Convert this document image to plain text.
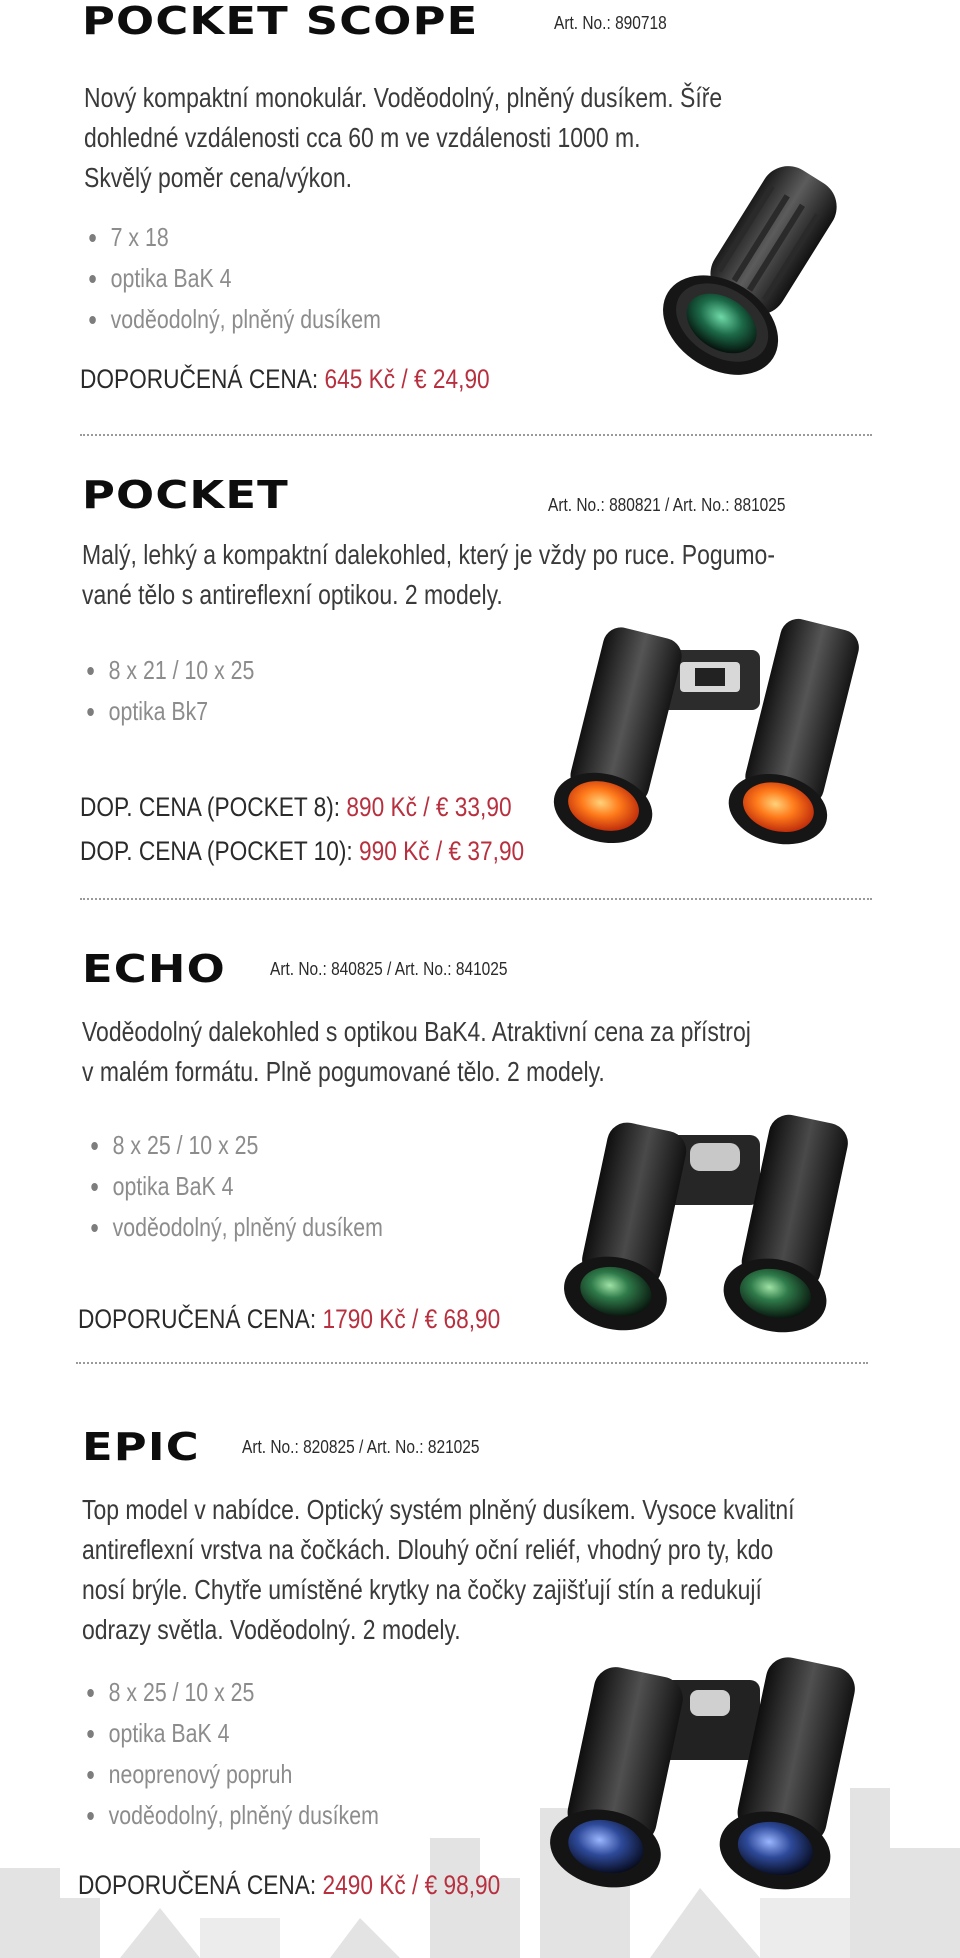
POCKET SCOPE	Art. No.: 890718
Nový kompaktní monokulár. Voděodolný, plněný dusíkem. Šíře
dohledné vzdálenosti cca 60 m ve vzdálenosti 1000 m.
Skvělý poměr cena/výkon.
7 x 18
optika BaK 4
voděodolný, plněný dusíkem
DOPORUČENÁ CENA: 645 Kč / € 24,90
POCKET	Art. No.: 880821 / Art. No.: 881025
Malý, lehký a kompaktní dalekohled, který je vždy po ruce. Pogumo-
vané tělo s antireflexní optikou. 2 modely.
8 x 21 / 10 x 25
optika Bk7
DOP. CENA (POCKET 8): 890 Kč / € 33,90
DOP. CENA (POCKET 10): 990 Kč / € 37,90
ECHO Art. No.: 840825 / Art. No.: 841025
Voděodolný dalekohled s optikou BaK4. Atraktivní cena za přístroj
v malém formátu. Plně pogumované tělo. 2 modely.
8 x 25 / 10 x 25
optika BaK 4
voděodolný, plněný dusíkem
DOPORUČENÁ CENA: 1790 Kč / € 68,90
EPIC Art. No.: 820825 / Art. No.: 821025
Top model v nabídce. Optický systém plněný dusíkem. Vysoce kvalitní
antireflexní vrstva na čočkách. Dlouhý oční reliéf, vhodný pro ty, kdo
nosí brýle. Chytře umístěné krytky na čočky zajišťují stín a redukují
odrazy světla. Voděodolný. 2 modely.
8 x 25 / 10 x 25
optika BaK 4
neoprenový popruh
voděodolný, plněný dusíkem
DOPORUČENÁ CENA: 2490 Kč / € 98,90
